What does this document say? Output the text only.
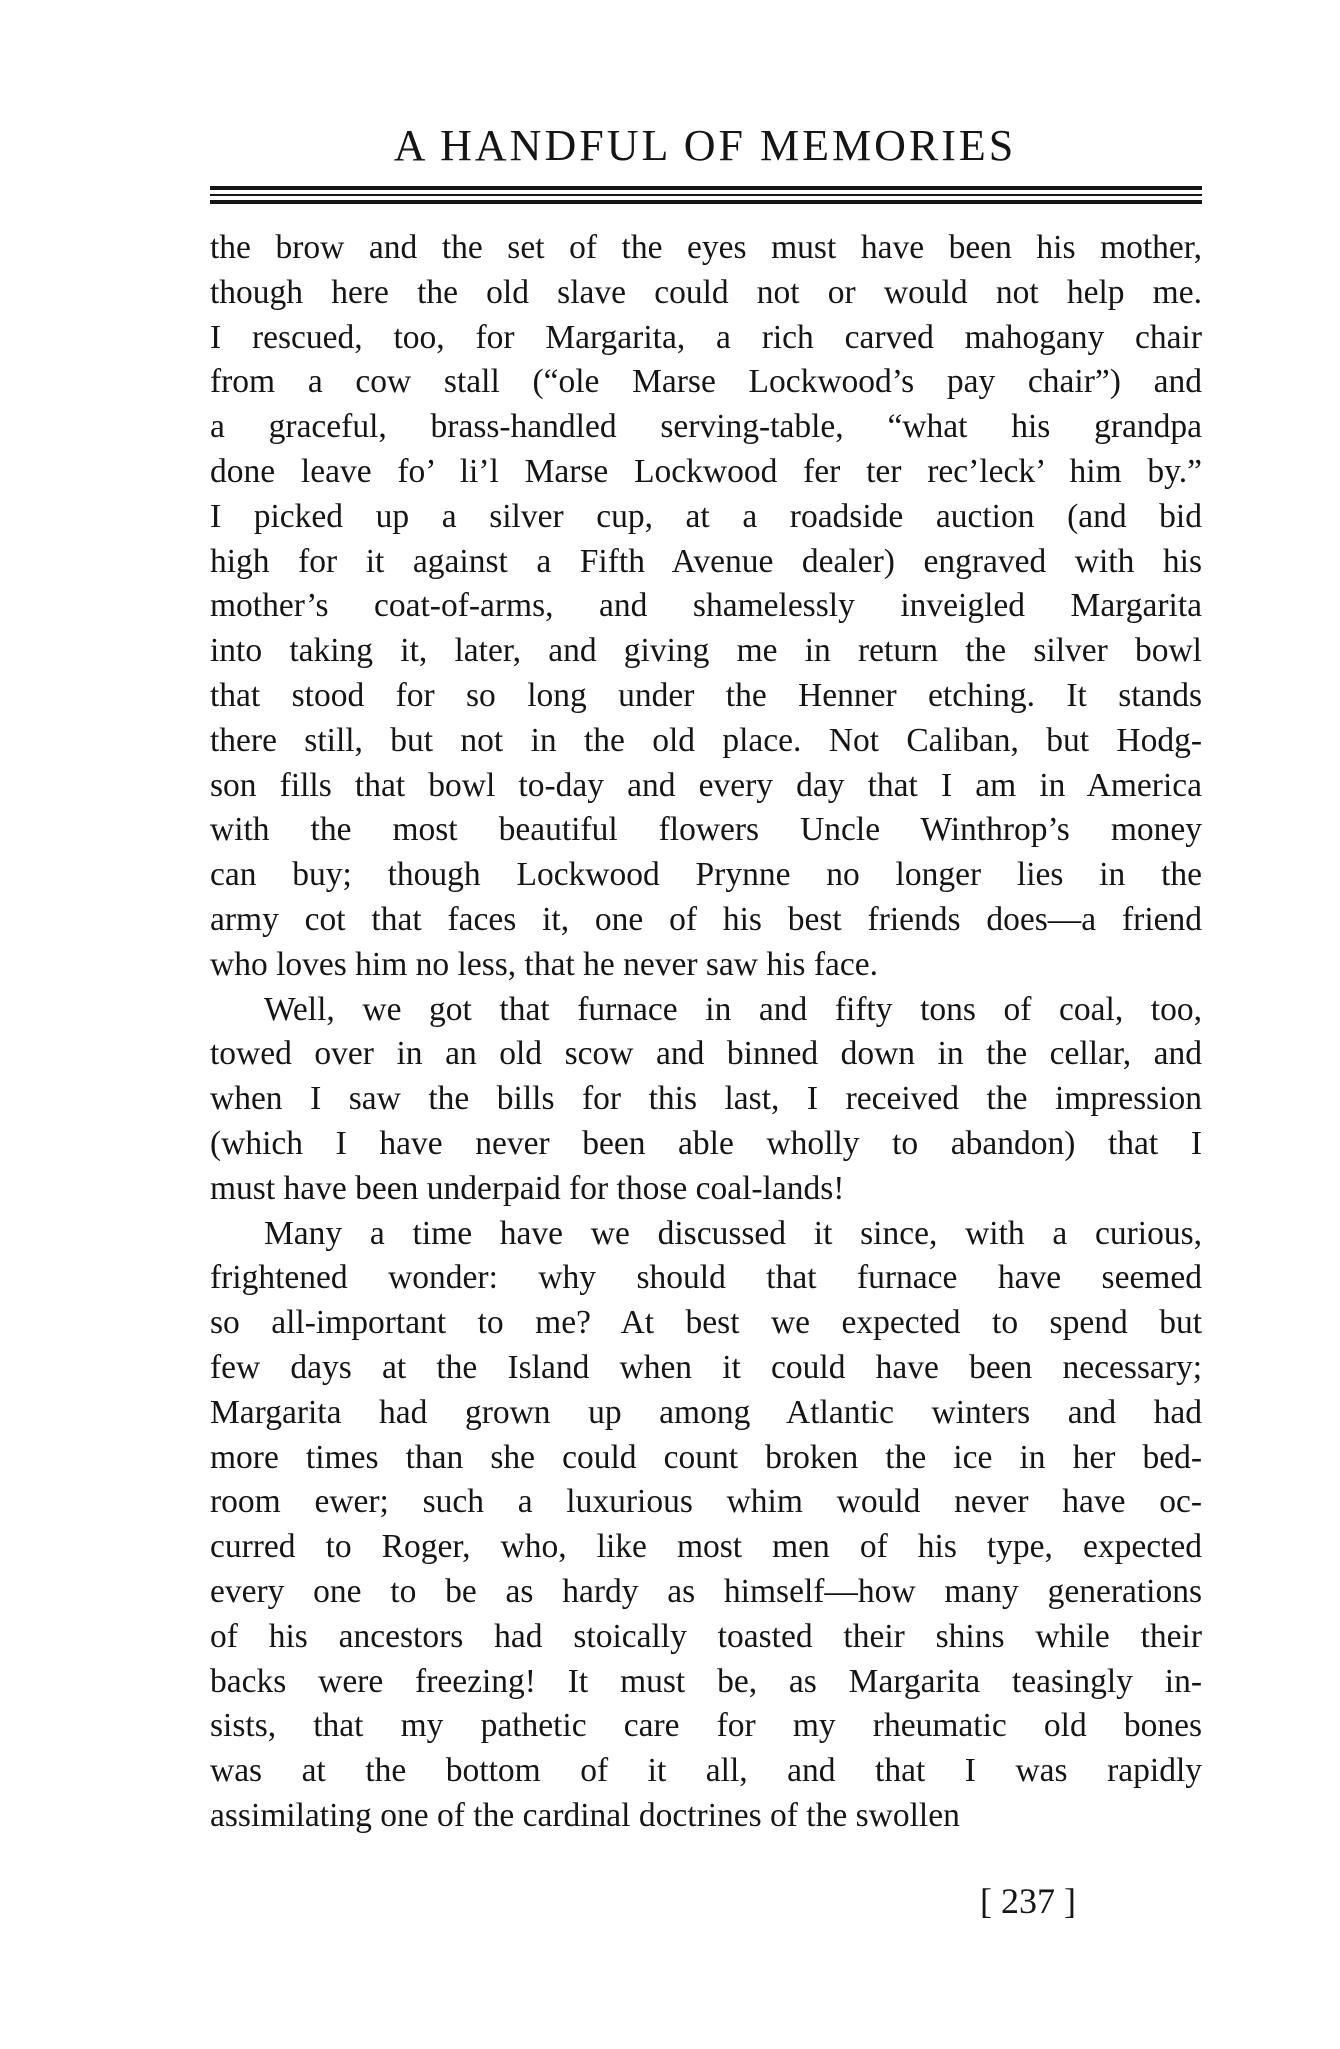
A HANDFUL OF MEMORIES
the brow and the set of the eyes must have been his mother,
though here the old slave could not or would not help me.
I rescued, too, for Margarita, a rich carved mahogany chair
from a cow stall (“ole Marse Lockwood’s pay chair”) and
a graceful, brass-handled serving-table, “what his grandpa
done leave fo’ li’l Marse Lockwood fer ter rec’leck’ him by.”
I picked up a silver cup, at a roadside auction (and bid
high for it against a Fifth Avenue dealer) engraved with his
mother’s coat-of-arms, and shamelessly inveigled Margarita
into taking it, later, and giving me in return the silver bowl
that stood for so long under the Henner etching. It stands
there still, but not in the old place. Not Caliban, but Hodg-
son fills that bowl to-day and every day that I am in America
with the most beautiful flowers Uncle Winthrop’s money
can buy; though Lockwood Prynne no longer lies in the
army cot that faces it, one of his best friends does—a friend
who loves him no less, that he never saw his face.
Well, we got that furnace in and fifty tons of coal, too,
towed over in an old scow and binned down in the cellar, and
when I saw the bills for this last, I received the impression
(which I have never been able wholly to abandon) that I
must have been underpaid for those coal-lands!
Many a time have we discussed it since, with a curious,
frightened wonder: why should that furnace have seemed
so all-important to me? At best we expected to spend but
few days at the Island when it could have been necessary;
Margarita had grown up among Atlantic winters and had
more times than she could count broken the ice in her bed-
room ewer; such a luxurious whim would never have oc-
curred to Roger, who, like most men of his type, expected
every one to be as hardy as himself—how many generations
of his ancestors had stoically toasted their shins while their
backs were freezing! It must be, as Margarita teasingly in-
sists, that my pathetic care for my rheumatic old bones
was at the bottom of it all, and that I was rapidly
assimilating one of the cardinal doctrines of the swollen
[ 237 ]
